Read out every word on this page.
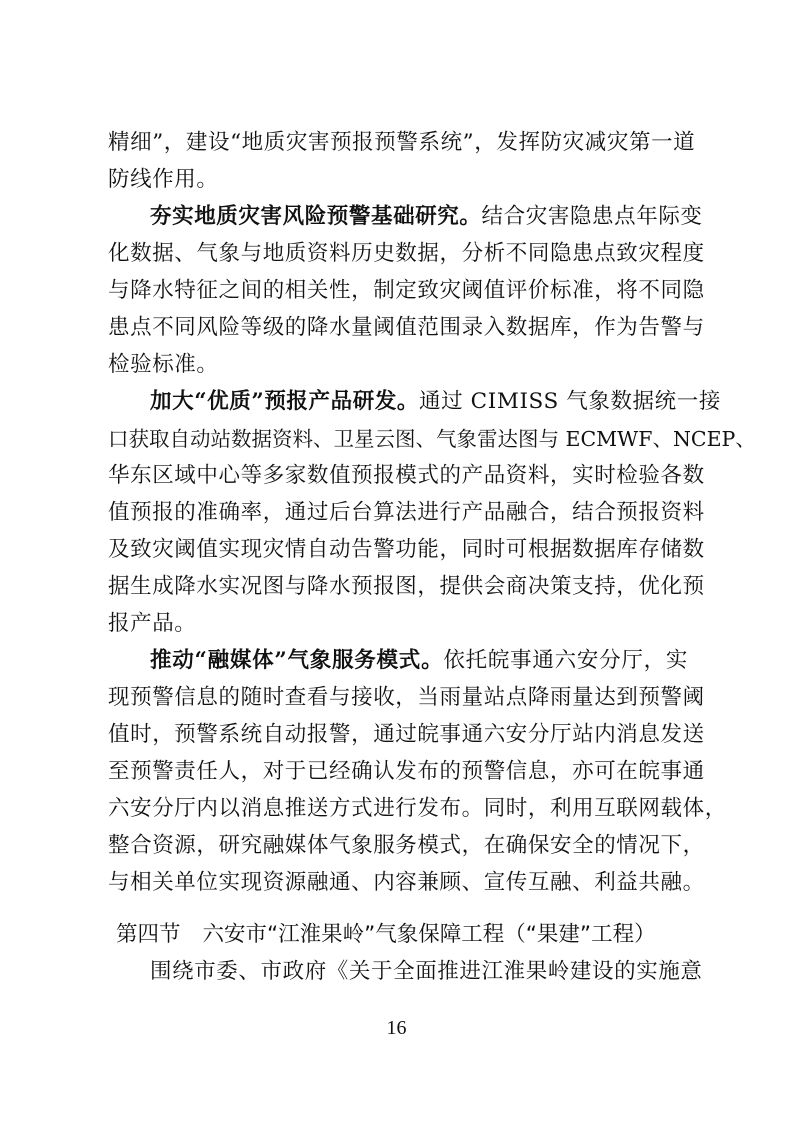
精细”，建设“地质灾害预报预警系统”，发挥防灾减灾第一道
防线作用。
夯实地质灾害风险预警基础研究。结合灾害隐患点年际变
化数据、气象与地质资料历史数据，分析不同隐患点致灾程度
与降水特征之间的相关性，制定致灾阈值评价标准，将不同隐
患点不同风险等级的降水量阈值范围录入数据库，作为告警与
检验标准。
加大“优质”预报产品研发。通过 CIMISS 气象数据统一接
口获取自动站数据资料、卫星云图、气象雷达图与 ECMWF、NCEP、
华东区域中心等多家数值预报模式的产品资料，实时检验各数
值预报的准确率，通过后台算法进行产品融合，结合预报资料
及致灾阈值实现灾情自动告警功能，同时可根据数据库存储数
据生成降水实况图与降水预报图，提供会商决策支持，优化预
报产品。
推动“融媒体”气象服务模式。依托皖事通六安分厅，实
现预警信息的随时查看与接收，当雨量站点降雨量达到预警阈
值时，预警系统自动报警，通过皖事通六安分厅站内消息发送
至预警责任人，对于已经确认发布的预警信息，亦可在皖事通
六安分厅内以消息推送方式进行发布。同时，利用互联网载体，
整合资源，研究融媒体气象服务模式，在确保安全的情况下，
与相关单位实现资源融通、内容兼顾、宣传互融、利益共融。
第四节 六安市“江淮果岭”气象保障工程（“果建”工程）
围绕市委、市政府《关于全面推进江淮果岭建设的实施意
16
